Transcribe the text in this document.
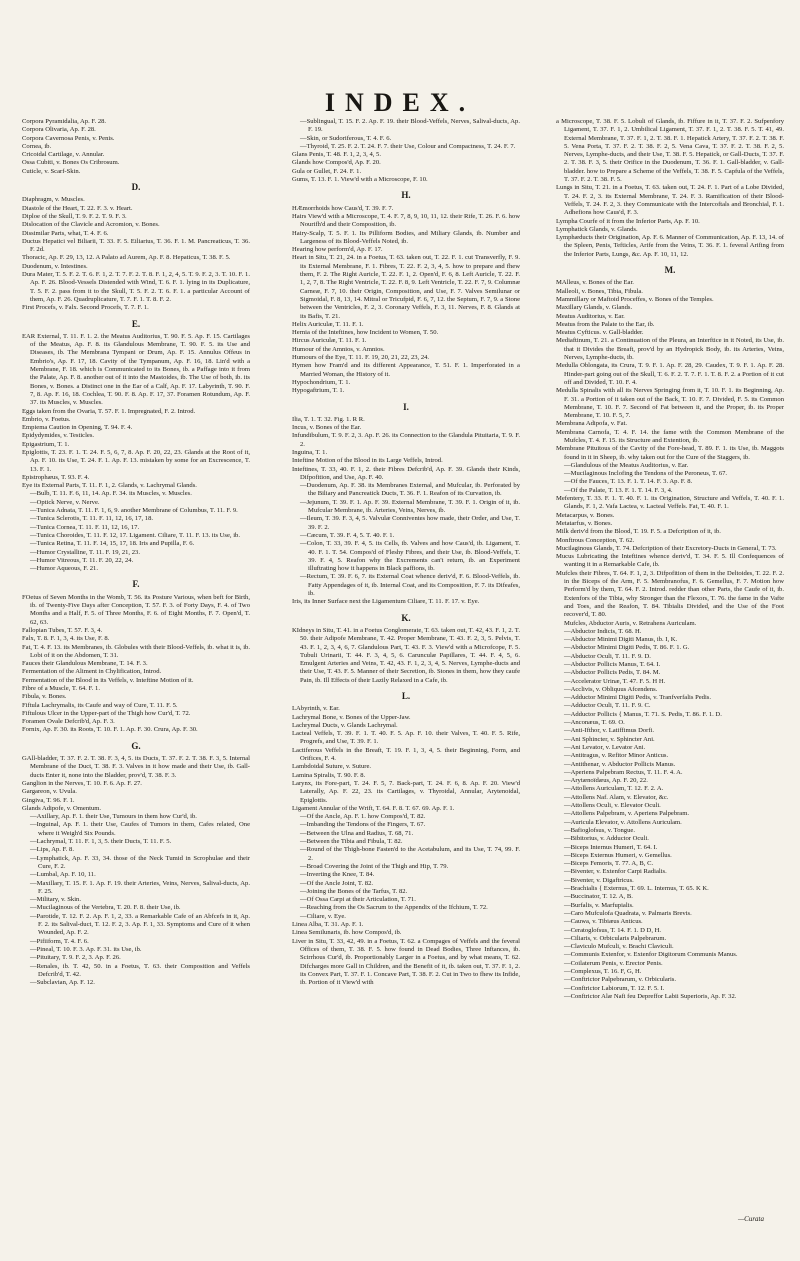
INDEX.

Corpora Pyramidalia, Ap. F. 28.

Corpora Olivaria, Ap. F. 28.

Corpora Cavernosa Penis, v. Penis.

Cornea, ib.

Cricoidal Cartilage, v. Annular.

Ossa Cubiti, v. Bones Os Cribrosum.

Cuticle, v. Scarf-Skin.

D.

Diaphragm, v. Muscles.

Diastole of the Heart, T. 22. F. 3. v. Heart.

Diploe of the Skull, T. 9. F. 2. T. 9. F. 3.

Dislocation of the Clavicle and Acromion, v. Bones.

Dissimilar Parts, what, T. 4. F. 6.

Ductus Hepatici vel Biliarii, T. 33. F. 5. Eiliarius, T. 36. F. 1. M. Pancreaticus, T. 36. F. 2d.

Thoracic, Ap. F. 29, 13, 12. A Palato ad Aurem, Ap. F. 8. Hepaticus, T. 38. F. 5.

Duodenum, v. Intestines.

Dura Mater, T. 5. F. 2. T. 6. F. 1, 2. T. 7. F. 2. T. 8. F. 1, 2, 4, 5. T. 9. F. 2, 3. T. 10. F. 1. Ap. F. 26. Blood-Vessels Distended with Wind, T. 6. F. 1. lying in its Duplicature, T. 5. F. 2. pass from it to the Skull, T. 5. F. 2. T. 6. F. 1. a particular Account of them, Ap. F. 26. Quadruplicature, T. 7. F. 1. T. 8. F. 2.

First Procefs, v. Falx. Second Procefs, T. 7. F. 1.

E.

EAR External, T. 11. F. 1. 2. the Meatus Auditorius, T. 90. F. 5. Ap. F. 15. Cartilages of the Meatus, Ap. F. 8. its Glandulous Membrane, T. 90. F. 5. its Use and Diseases, ib. The Membrana Tympani or Drum, Ap. F. 15. Annulus Offeus in Embrio's, Ap. F. 17, 18. Cavity of the Tympanum, Ap. F. 16, 18. Lin'd with a Membrane, F. 18. which is Communicated to its Bones, ib. a Paffage into it from the Palate, Ap. F. 8. another out of it into the Mastoides, ib. The Use of both, ib. its Bones, v. Bones. a Distinct one in the Ear of a Calf, Ap. F. 17. Labyrinth, T. 90. F. 7, 8. Ap. F. 16, 18. Cochlea, T. 90. F. 8. Ap. F. 17, 37. Foramen Rotundum, Ap. F. 37. its Muscles, v. Muscles.

Eggs taken from the Ovaria, T. 57. F. 1. Impregnated, F. 2. Introd.

Embrio, v. Foetus.

Empiema Caution in Opening, T. 94. F. 4.

Epidydymides, v. Testicles.

Epigastrium, T. 1.

Epiglottis, T. 23. F. 1. T. 24. F. 5, 6, 7, 8. Ap. F. 20, 22, 23. Glands at the Root of it, Ap. F. 10. its Use, T. 24. F. 1. Ap. F. 13. mistaken by some for an Excrescence, T. 13. F. 1.

Epistrophæus, T. 93. F. 4.

Eye its External Parts, T. 11. F. 1, 2. Glands, v. Lachrymal Glands.

—Bulb, T. 11. F. 6, 11, 14. Ap. F. 34. its Muscles, v. Muscles.

—Optick Nerve, v. Nerve.

—Tunica Adnata, T. 11. F. 1, 6, 9. another Membrane of Columbus, T. 11. F. 9.

—Tunica Sclerotis, T. 11. F. 11, 12, 16, 17, 18.

—Tunica Cornea, T. 11. F. 11, 12, 16, 17.

—Tunica Choroides, T. 11. F. 12, 17. Ligament. Ciliare, T. 11. F. 13. its Use, ib.

—Tunica Retina, T. 11. F. 14, 15, 17, 18. Iris and Pupilla, F. 6.

—Humor Crystalline, T. 11. F. 19, 21, 23.

—Humor Vitreous, T. 11. F. 20, 22, 24.

—Humor Aqueous, F. 21.

F.

FOetus of Seven Months in the Womb, T. 56. its Posture Various, when beft for Birth, ib. of Twenty-Five Days after Conception, T. 57. F. 3. of Forty Days, F. 4. of Two Months and a Half, F. 5. of Three Months, F. 6. of Eight Months, F. 7. Open'd, T. 62, 63.

Fallopian Tubes, T. 57. F. 3, 4.

Falx, T. 8. F. 1, 3, 4. its Use, F. 8.

Fat, T. 4. F. 13. its Membranes, ib. Globules with their Blood-Veffels, ib. what it is, ib. Lobi of it on the Abdomen, T. 31.

Fauces their Glandulous Membrane, T. 14. F. 3.

Fermentation of the Aliment in Chylification, Introd.

Fermentation of the Blood in its Veffels, v. Inteftine Motion of it.

Fibre of a Muscle, T. 64. F. 1.

Fibula, v. Bones.

Fiftula Lachrymalis, its Caufe and way of Cure, T. 11. F. 5.

Fiftulous Ulcer in the Upper-part of the Thigh how Cur'd, T. 72.

Foramen Ovale Defcrib'd, Ap. F. 3.

Fornix, Ap. F. 30. its Roots, T. 10. F. 1. Ap. F. 30. Crura, Ap. F. 30.

G.

GAll-bladder, T. 37. F. 2. T. 38. F. 3, 4, 5. its Ducts, T. 37. F. 2. T. 38. F. 3, 5. Internal Membrane of the Duct, T. 38. F. 3. Valves in it how made and their Use, ib. Gall-ducts Enter it, none into the Bladder, prov'd, T. 38. F. 3.

Ganglion in the Nerves, T. 10. F. 6. Ap. F. 27.

Gargareon, v. Uvula.

Gingiva, T. 96. F. 1.

Glands Adipofe, v. Omentum.

—Axillary, Ap. F. 1. their Use, Tumours in them how Cur'd, ib.

—Inguinal, Ap. F. 1. their Use, Caufes of Tumors in them, Cafes related, One where it Weigh'd Six Pounds.

—Lachrymal, T. 11. F. 1, 3, 5. their Ducts, T. 11. F. 5.

—Lips, Ap. F. 8.

—Lymphatick, Ap. F. 33, 34. those of the Neck Tumid in Scrophulae and their Cure, F. 2.

—Lumbal, Ap. F. 10, 11.

—Maxillary, T. 15. F. 1. Ap. F. 19. their Arteries, Veins, Nerves, Salival-ducts, Ap. F. 25.

—Military, v. Skin.

—Mucilaginous of the Vertebra, T. 20. F. 8. their Use, ib.

—Parotide, T. 12. F. 2. Ap. F. 1, 2, 33. a Remarkable Cafe of an Abfcefs in it, Ap. F. 2. its Salival-duct, T. 12. F. 2, 3. Ap. F. 1, 33. Symptoms and Cure of it when Wounded, Ap. F. 2.

—Pifiiform, T. 4. F. 6.

—Pineal, T. 10. F. 3. Ap. F. 31. its Use, ib.

—Pituitary, T. 9. F. 2, 3. Ap. F. 26.

—Renales, ib. T. 42, 50. in a Foetus, T. 63. their Composition and Veffels Defcrib'd, T. 42.

—Subclavian, Ap. F. 12.

—Sublingual, T. 15. F. 2. Ap. F. 19. their Blood-Veffels, Nerves, Salival-ducts, Ap. F. 19.

—Skin, or Sudoriferous, T. 4. F. 6.

—Thyroid, T. 25. F. 2. T. 24. F. 7. their Use, Colour and Compactness, T. 24. F. 7.

Glans Penis, T. 48. F. 1, 2, 3, 4, 5.

Glands how Compos'd, Ap. F. 20.

Gula or Gullet, F. 24. F. 1.

Gums, T. 13. F. 1. View'd with a Microscope, F. 10.

H.

HÆmorrhoids how Caus'd, T. 39. F. 7.

Hairs View'd with a Microscope, T. 4. F. 7, 8, 9, 10, 11, 12. their Rife, T. 26. F. 6. how Nourifh'd and their Composition, ib.

Hairy-Scalp, T. 5. F. 1. Its Pilliform Bodies, and Miliary Glands, ib. Number and Largeness of its Blood-Veffels Noted, ib.

Hearing how perform'd, Ap. F. 17.

Heart in Situ, T. 21, 24. in a Foetus, T. 63. taken out, T. 22. F. 1. cut Transverfly, F. 9. its External Membrane, F. 1. Fibres, T. 22. F. 2, 3, 4, 5. how to prepare and fhew them, F. 2. The Right Auricle, T. 22. F. 1, 2. Open'd, F. 6, 8. Left Auricle, T. 22. F. 1, 2, 7, 8. The Right Ventricle, T. 22. F. 8, 9. Left Ventricle, T. 22. F. 7, 9. Columnæ Carneæ, F. 7, 10. their Origin, Composition, and Use, F. 7. Valves Semilunar or Sigmoidal, F. 8, 13, 14. Mitral or Tricufpid, F. 6, 7, 12. the Septum, F. 7, 9. a Stone between the Ventricles, F. 2, 3. Coronary Veffels, F. 3, 11. Nerves, F. 8. Glands at its Bafis, T. 21.

Helix Auriculæ, T. 11. F. 1.

Hernia of the Inteftines, how Incident to Women, T. 50.

Hircus Auriculæ, T. 11. F. 1.

Humour of the Amnios, v. Amnios.

Humours of the Eye, T. 11. F. 19, 20, 21, 22, 23, 24.

Hymen how Fram'd and its different Appearance, T. 51. F. 1. Imperforated in a Married Woman, the History of it.

Hypochondrium, T. 1.

Hypogaftrium, T. 1.

I.

Ilia, T. 1. T. 32. Fig. 1. R R.

Incus, v. Bones of the Ear.

Infundibulum, T. 9. F. 2, 3. Ap. F. 26. its Connection to the Glandula Pituitaria, T. 9. F. 2.

Inguina, T. 1.

Inteftine Motion of the Blood in its Large Veffels, Introd.

Inteftines, T. 33, 40. F. 1, 2. their Fibres Defcrib'd, Ap. F. 39. Glands their Kinds, Difpofition, and Use, Ap. F. 40.

—Duodenum, Ap. F. 38. its Membranes External, and Mufcular, ib. Perforated by the Biliary and Pancreatick Ducts, T. 36. F. 1. Reafon of its Curvation, ib.

—Jejunum, T. 39. F. 1. Ap. F. 39. External Membrane, T. 39. F. 1. Origin of it, ib. Mufcular Membrane, ib. Arteries, Veins, Nerves, ib.

—Ileum, T. 39. F. 3, 4, 5. Valvulæ Conniventes how made, their Order, and Use, T. 39. F. 2.

—Cæcum, T. 39. F. 4, 5. T. 40. F. 1.

—Colon, T. 33, 39. F. 4, 5. its Cells, ib. Valves and how Caus'd, ib. Ligament, T. 40. F. 1. T. 54. Compos'd of Fleshy Fibres, and their Use, ib. Blood-Veffels, T. 39. F. 4, 5. Reafon why the Excrements can't return, ib. an Experiment illuftrating how it happens in Black paffions, ib.

—Rectum, T. 39. F. 6, 7. its External Coat whence deriv'd, F. 6. Blood-Veffels, ib. Fatty Appendages of it, ib. Internal Coat, and its Composition, F. 7. its Difeafes, ib.

Iris, its Inner Surface next the Ligamentum Ciliare, T. 11. F. 17. v. Eye.

K.

KIdneys in Situ, T. 41. in a Foetus Conglomerate, T. 63. taken out, T. 42, 43. F. 1, 2. T. 50. their Adipofe Membrane, T. 42. Proper Membrane, T. 43. F. 2, 3, 5. Pelvis, T. 43. F. 1, 2, 3, 4, 6, 7. Glandulous Part, T. 43. F. 3. View'd with a Microfcope, F. 5. Tubuli Urinarii, T. 44. F. 3, 4, 5, 6. Carunculæ Papillares, T. 44. F. 4, 5, 6. Emulgent Arteries and Veins, T. 42, 43. F. 1, 2, 3, 4, 5. Nerves, Lymphe-ducts and their Use, T. 43. F. 5. Manner of their Secretion, ib. Stones in them, how they caufe Pain, ib. Ill Effects of their Lazily Relaxed in a Cafe, ib.

L.

LAbyrinth, v. Ear.

Lachrymal Bone, v. Bones of the Upper-Jaw.

Lachrymal Ducts, v. Glands Lachrymal.

Lacteal Veffels, T. 39. F. 1. T. 40. F. 5. Ap. F. 10. their Valves, T. 40. F. 5. Rife, Progrefs, and Use, T. 39. F. 1.

Lactiferous Veffels in the Breaft, T. 19. F. 1, 3, 4, 5. their Beginning, Form, and Orifices, F. 4.

Lambdoidal Suture, v. Suture.

Lamina Spiralis, T. 90. F. 8.

Larynx, its Fore-part, T. 24. F. 5, 7. Back-part, T. 24. F. 6, 8. Ap. F. 20. View'd Laterally, Ap. F. 22, 23. its Cartilages, v. Thyroidal, Annular, Arytenoidal, Epiglottis.

Ligament Annular of the Wrift, T. 64. F. 8. T. 67. 69. Ap. F. 1.

—Of the Ancle, Ap. F. 1. how Compos'd, T. 82.

—Imbanding the Tendons of the Fingers, T. 67.

—Between the Ulna and Radius, T. 68, 71.

—Between the Tibia and Fibula, T. 82.

—Round of the Thigh-bone Fasten'd to the Acetabulum, and its Use, T. 74, 99. F. 2.

—Broad Covering the Joint of the Thigh and Hip, T. 79.

—Inverting the Knee, T. 84.

—Of the Ancle Joint, T. 82.

—Joining the Bones of the Tarfus, T. 82.

—Of Ossa Carpi at their Articulation, T. 71.

—Reaching from the Os Sacrum to the Appendix of the Ifchium, T. 72.

—Ciliare, v. Eye.

Linea Alba, T. 31. Ap. F. 1.

Linea Semilunaris, ib. how Compos'd, ib.

Liver in Situ, T. 33, 42, 49. in a Foetus, T. 62. a Compages of Veffels and the feveral Offices of them, T. 38. F. 5. how found in Dead Bodies, Three Inftances, ib. Scirrhous Cur'd, ib. Proportionably Larger in a Foetus, and by what means, T. 62. Difcharges more Gall in Children, and the Benefit of it, ib. taken out, T. 37. F. 1, 2. its Convex Part, T. 37. F. 1. Concave Part, T. 38. F. 2. Cut in Two to fhew its Infide, ib. Portion of it View'd with

a Microscope, T. 38. F. 5. Lobuli of Glands, ib. Fiffure in it, T. 37. F. 2. Sufpenfory Ligament, T. 37. F. 1, 2. Umbilical Ligament, T. 37. F. 1, 2. T. 38. F. 5. T. 41, 49. External Membrane, T. 37. F. 1, 2. T. 38. F. 1. Hepatick Artery, T. 37. F. 2. T. 38. F. 5. Vena Porta, T. 37. F. 2. T. 38. F. 2, 5. Vena Cava, T. 37. F. 2. T. 38. F. 2, 5. Nerves, Lymphe-ducts, and their Use, T. 38. F. 5. Hepatick, or Gall-Ducts, T. 37. F. 2. T. 38. F. 3, 5. their Orifice in the Duodenum, T. 36. F. 1. Gall-bladder, v. Gall-bladder. how to Prepare a Scheme of the Veffels, T. 38. F. 5. Capfula of the Veffels, T. 37. F. 2. T. 38. F. 5.

Lungs in Situ, T. 21. in a Foetus, T. 63. taken out, T. 24. F. 1. Part of a Lobe Divided, T. 24. F. 2, 3. its External Membrane, T. 24. F. 3. Ramification of their Blood-Veffels, T. 24. F. 2, 3. they Communicate with the Intercoftals and Bronchial, F. 1. Adhefions how Caus'd, F. 3.

Lympha Courfe of it from the Inferior Parts, Ap. F. 10.

Lymphatick Glands, v. Glands.

Lymphæducts their Origination, Ap. F. 6. Manner of Communication, Ap. F. 13, 14. of the Spleen, Penis, Tefticles, Arife from the Veins, T. 36. F. 1. feveral Arifing from the Inferior Parts, Lungs, &c. Ap. F. 10, 11, 12.

M.

MAlleus, v. Bones of the Ear.

Malleoli, v. Bones, Tibia, Fibula.

Mammillary or Maftoid Proceffes, v. Bones of the Temples.

Maxillary Glands, v. Glands.

Meatus Auditorius, v. Ear.

Meatus from the Palate to the Ear, ib.

Meatus Cyfticus. v. Gall-bladder.

Mediaftinum, T. 21. a Continuation of the Pleura, an Interftice in it Noted, its Use, ib. that it Divides the Breaft, prov'd by an Hydropick Body, ib. its Arteries, Veins, Nerves, Lymphe-ducts, ib.

Medulla Oblongata, its Crura, T. 9. F. 1. Ap. F. 28, 29. Caudex, T. 9. F. 1. Ap. F. 28. Hinder-part going out of the Skull, T. 6. F. 2. T. 7. F. 1. T. 8. F. 2. a Portion of it cut off and Divided, T. 10. F. 4.

Medulla Spinalis with all its Nerves Springing from it, T. 10. F. 1. its Beginning, Ap. F. 31. a Portion of it taken out of the Back, T. 10. F. 7. Divided, F. 5. its Common Membrane, T. 10. F. 7. Second of Fat between it, and the Proper, ib. its Proper Membrane, T. 10. F. 5, 7.

Membrana Adipofa, v. Fat.

Membrana Carnofa, T. 4. F. 14. the fame with the Common Membrane of the Mufcles, T. 4. F. 15. its Structure and Extention, ib.

Membrane Pituitous of the Cavity of the Fore-head, T. 89. F. 1. its Use, ib. Maggots found in it in Sheep, ib. why taken out for the Cure of the Staggers, ib.

—Glandulous of the Meatus Auditorius, v. Ear.

—Mucilaginous Inclofing the Tendons of the Peroneus, T. 67.

—Of the Fauces, T. 13. F. 1. T. 14. F. 3. Ap. F. 8.

—Of the Palate, T. 13. F. 1. T. 14. F. 3, 4.

Mefentery, T. 33. F. 1. T. 40. F. 1. its Origination, Structure and Veffels, T. 40. F. 1. Glands, F. 1, 2. Vafa Lactea, v. Lacteal Veffels. Fat, T. 40. F. 1.

Metacarpus, v. Bones.

Metatarfus, v. Bones.

Milk deriv'd from the Blood, T. 19. F. 5. a Defcription of it, ib.

Monftrous Conception, T. 62.

Mucilaginous Glands, T. 74. Defcription of their Excretory-Ducts in General, T. 73.

Mucus Lubricating the Inteftines whence deriv'd, T. 34. F. 5. Ill Confequences of wanting it in a Remarkable Cafe, ib.

Mufcles their Fibres, T. 64. F. 1, 2, 3. Difpofition of them in the Deltoides, T. 22. F. 2. in the Biceps of the Arm, F. 5. Membranofus, F. 6. Gemellus, F. 7. Motion how Perform'd by them, T. 64. F. 2. Introd. redder than other Parts, the Caufe of it, ib. Extenfors of the Tibia, why Stronger than the Flexors, T. 76. the fame in the Vafte and Toes, and the Reafon, T. 84. Tibialis Divided, and the Use of the Foot recover'd, T. 80.

Mufcles, Abductor Auris, v. Retrahens Auriculam.

—Abductor Indicis, T. 68. H.

—Abductor Minimi Digiti Manus, ib. I, K.

—Abductor Minimi Digiti Pedis, T. 86. F. 1. G.

—Abductor Oculi, T. 11. F. 9. D.

—Abductor Pollicis Manus, T. 64. I.

—Abductor Pollicis Pedis, T. 84. M.

—Accelerator Urinæ, T. 47. F. 5. H H.

—Acclivis, v. Obliquus Afcendens.

—Adductor Minimi Digiti Pedis, v. Tranfverfalis Pedis.

—Adductor Oculi, T. 11. F. 9. C.

—Adductor Pollicis { Manus, T. 71. S. Pedis, T. 86. F. 1. D.

—Anconæus, T. 69. O.

—Anti-Ifthor, v. Latiffimus Dorfi.

—Ani Sphincter, v. Sphincter Ani.

—Ani Levator, v. Levator Ani.

—Antitragus, v. Refitor Minor Anticus.

—Antithenar, v. Abductor Pollicis Manus.

—Aperiens Palpebram Rectus, T. 11. F. 4. A.

—Arytænoïdæus, Ap. F. 20, 22.

—Attollens Auriculam, T. 12. F. 2. A.

—Attollens Naf. Alam, v. Elevator, &c.

—Attollens Oculi, v. Elevator Oculi.

—Attollens Palpebram, v. Aperiens Palpebram.

—Auricula Elevator, v. Attollens Auriculam.

—Bafioglofsus, v. Tongue.

—Bibitorius, v. Adductor Oculi.

—Biceps Internus Humeri, T. 64. I.

—Biceps Externus Humeri, v. Gemellus.

—Biceps Femoris, T. 77. A, B, C.

—Biventer, v. Extenfor Carpi Radialis.

—Biventer, v. Digaftricus.

—Brachialis { Externus, T. 69. L. Internus, T. 65. K K.

—Buccinator, T. 12. A, B.

—Burfalis, v. Marfupialis.

—Caro Mufculofa Quadrata, v. Palmaris Brevis.

—Cauwa, v. Tibiæus Anticus.

—Ceratoglofsus, T. 14. F. 1. D D, H.

—Ciliaris, v. Orbicularis Palpebrarum.

—Claviculo Mufculi, v. Brachi Claviculi.

—Communis Extenfor, v. Extenfor Digitorum Communis Manus.

—Coilaterum Penis, v. Erector Penis.

—Complexus, T. 16. F, G, H.

—Conftrictor Palpebrarum, v. Orbicularis.

—Conftrictor Labiorum, T. 12. F. 5. I.

—Conftrictor Alæ Nafi feu Depreffor Labii Superioris, Ap. F. 32.

—Curata
